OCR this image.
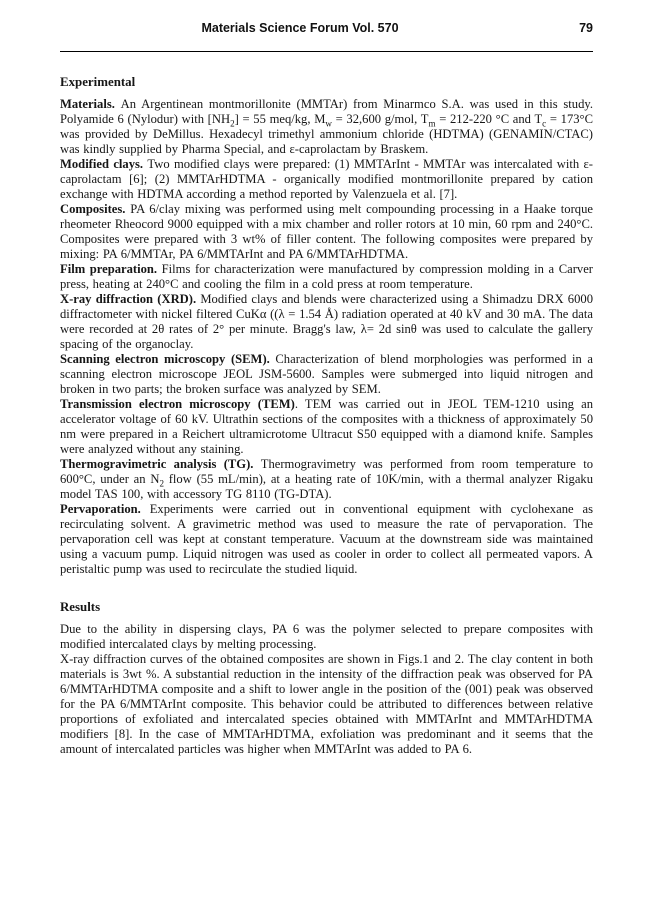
Materials Science Forum Vol. 570	79
Experimental

Materials. An Argentinean montmorillonite (MMTAr) from Minarmco S.A. was used in this study. Polyamide 6 (Nylodur) with $[NH_2] = 55$ meq/kg, $M_w = 32,600$ g/mol, $T_m = 212-220$ °C and $T_c = 173^\circ C$ was provided by DeMillus. Hexadecyl trimethyl ammonium chloride (HDTMA) (GENAMIN/CTAC) was kindly supplied by Pharma Special, and ε-caprolactam by Braskem.

Modified clays. Two modified clays were prepared: (1) MMTArInt - MMTAr was intercalated with ε-caprolactam [6]; (2) MMTArHDTMA - organically modified montmorillonite prepared by cation exchange with HDTMA according a method reported by Valenzuela et al. [7].

Composites. PA 6/clay mixing was performed using melt compounding processing in a Haake torque rheometer Rheocord 9000 equipped with a mix chamber and roller rotors at 10 min, 60 rpm and 240°C. Composites were prepared with 3 wt% of filler content. The following composites were prepared by mixing: PA 6/MMTAr, PA 6/MMTArInt and PA 6/MMTArHDTMA.

Film preparation. Films for characterization were manufactured by compression molding in a Carver press, heating at 240°C and cooling the film in a cold press at room temperature.

X-ray diffraction (XRD). Modified clays and blends were characterized using a Shimadzu DRX 6000 diffractometer with nickel filtered CuKα ((λ = 1.54 Å) radiation operated at 40 kV and 30 mA. The data were recorded at 2θ rates of 2° per minute. Bragg's law, λ= 2d sinθ was used to calculate the gallery spacing of the organoclay.

Scanning electron microscopy (SEM). Characterization of blend morphologies was performed in a scanning electron microscope JEOL JSM-5600. Samples were submerged into liquid nitrogen and broken in two parts; the broken surface was analyzed by SEM.

Transmission electron microscopy (TEM). TEM was carried out in JEOL TEM-1210 using an accelerator voltage of 60 kV. Ultrathin sections of the composites with a thickness of approximately 50 nm were prepared in a Reichert ultramicrotome Ultracut S50 equipped with a diamond knife. Samples were analyzed without any staining.

Thermogravimetric analysis (TG). Thermogravimetry was performed from room temperature to 600°C, under an $N_2$ flow (55 mL/min), at a heating rate of 10K/min, with a thermal analyzer Rigaku model TAS 100, with accessory TG 8110 (TG-DTA).

Pervaporation. Experiments were carried out in conventional equipment with cyclohexane as recirculating solvent. A gravimetric method was used to measure the rate of pervaporation. The pervaporation cell was kept at constant temperature. Vacuum at the downstream side was maintained using a vacuum pump. Liquid nitrogen was used as cooler in order to collect all permeated vapors. A peristaltic pump was used to recirculate the studied liquid.

Results

Due to the ability in dispersing clays, PA 6 was the polymer selected to prepare composites with modified intercalated clays by melting processing.

X-ray diffraction curves of the obtained composites are shown in Figs.1 and 2. The clay content in both materials is 3wt %. A substantial reduction in the intensity of the diffraction peak was observed for PA 6/MMTArHDTMA composite and a shift to lower angle in the position of the (001) peak was observed for the PA 6/MMTArInt composite. This behavior could be attributed to differences between relative proportions of exfoliated and intercalated species obtained with MMTArInt and MMTArHDTMA modifiers [8]. In the case of MMTArHDTMA, exfoliation was predominant and it seems that the amount of intercalated particles was higher when MMTArInt was added to PA 6.
